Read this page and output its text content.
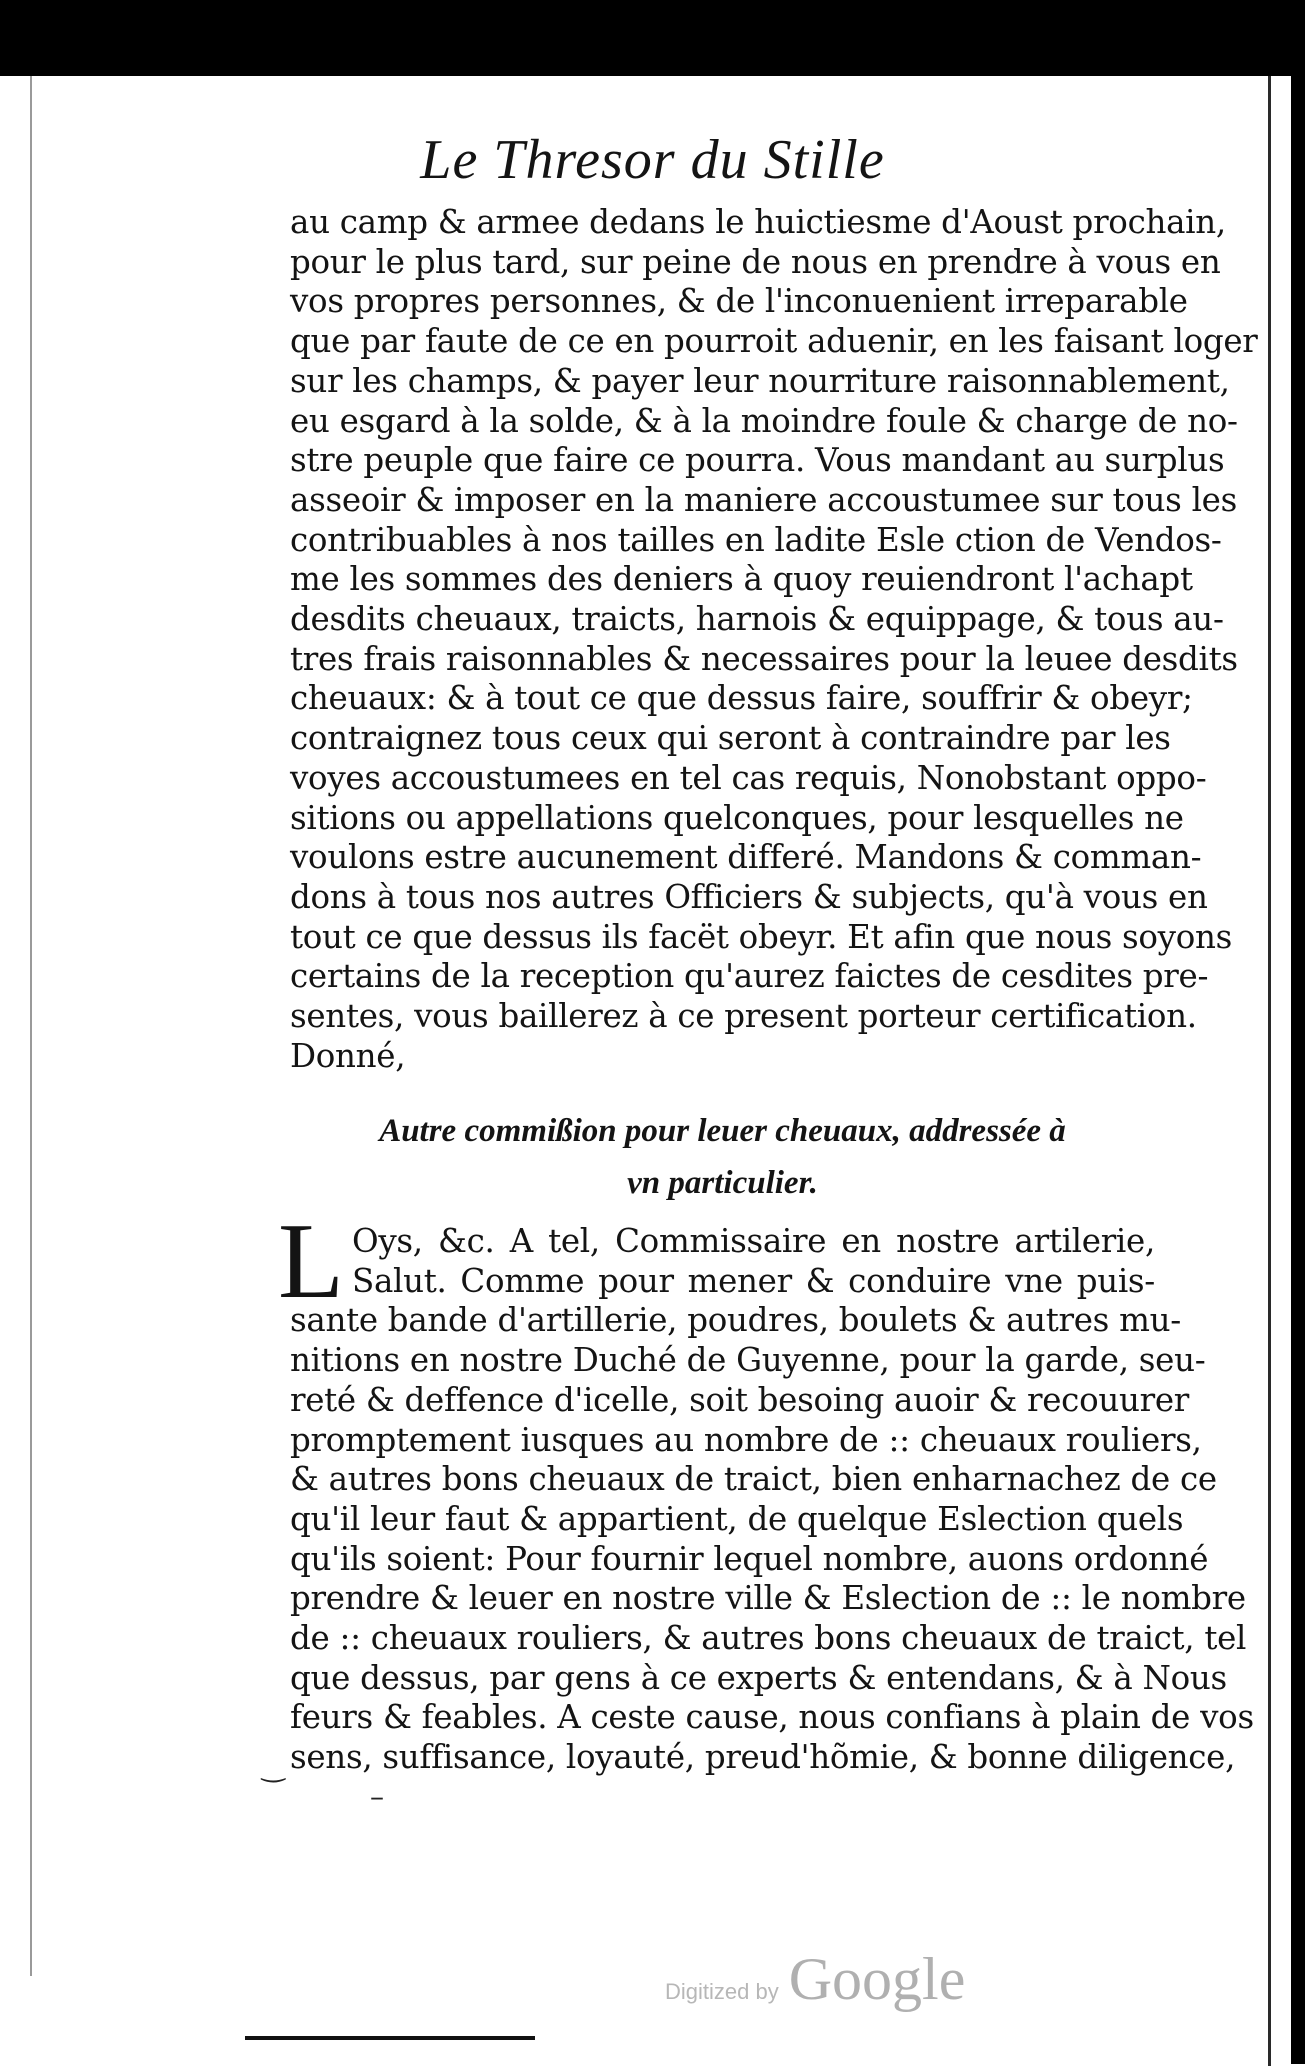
Le Thresor du Stille
au camp & armee dedans le huictiesme d'Aoust prochain,
pour le plus tard, sur peine de nous en prendre à vous en
vos propres personnes, & de l'inconuenient irreparable
que par faute de ce en pourroit aduenir, en les faisant loger
sur les champs, & payer leur nourriture raisonnablement,
eu esgard à la solde, & à la moindre foule & charge de no-
stre peuple que faire ce pourra. Vous mandant au surplus
asseoir & imposer en la maniere accoustumee sur tous les
contribuables à nos tailles en ladite Esle ction de Vendos-
me les sommes des deniers à quoy reuiendront l'achapt
desdits cheuaux, traicts, harnois & equippage, & tous au-
tres frais raisonnables & necessaires pour la leuee desdits
cheuaux: & à tout ce que dessus faire, souffrir & obeyr;
contraignez tous ceux qui seront à contraindre par les
voyes accoustumees en tel cas requis, Nonobstant oppo-
sitions ou appellations quelconques, pour lesquelles ne
voulons estre aucunement differé. Mandons & comman-
dons à tous nos autres Officiers & subjects, qu'à vous en
tout ce que dessus ils facët obeyr. Et afin que nous soyons
certains de la reception qu'aurez faictes de cesdites pre-
sentes, vous baillerez à ce present porteur certification.
Donné,
Autre commißion pour leuer cheuaux, addressée à
vn particulier.
L Oys, &c. A tel, Commissaire en nostre artilerie,
Salut. Comme pour mener & conduire vne puis-
sante bande d'artillerie, poudres, boulets & autres mu-
nitions en nostre Duché de Guyenne, pour la garde, seu-
reté & deffence d'icelle, soit besoing auoir & recouurer
promptement iusques au nombre de :: cheuaux rouliers,
& autres bons cheuaux de traict, bien enharnachez de ce
qu'il leur faut & appartient, de quelque Eslection quels
qu'ils soient: Pour fournir lequel nombre, auons ordonné
prendre & leuer en nostre ville & Eslection de :: le nombre
de :: cheuaux rouliers, & autres bons cheuaux de traict, tel
que dessus, par gens à ce experts & entendans, & à Nous
feurs & feables. A ceste cause, nous confians à plain de vos
sens, suffisance, loyauté, preud'hõmie, & bonne diligence,
‿
–
Digitized by Google
